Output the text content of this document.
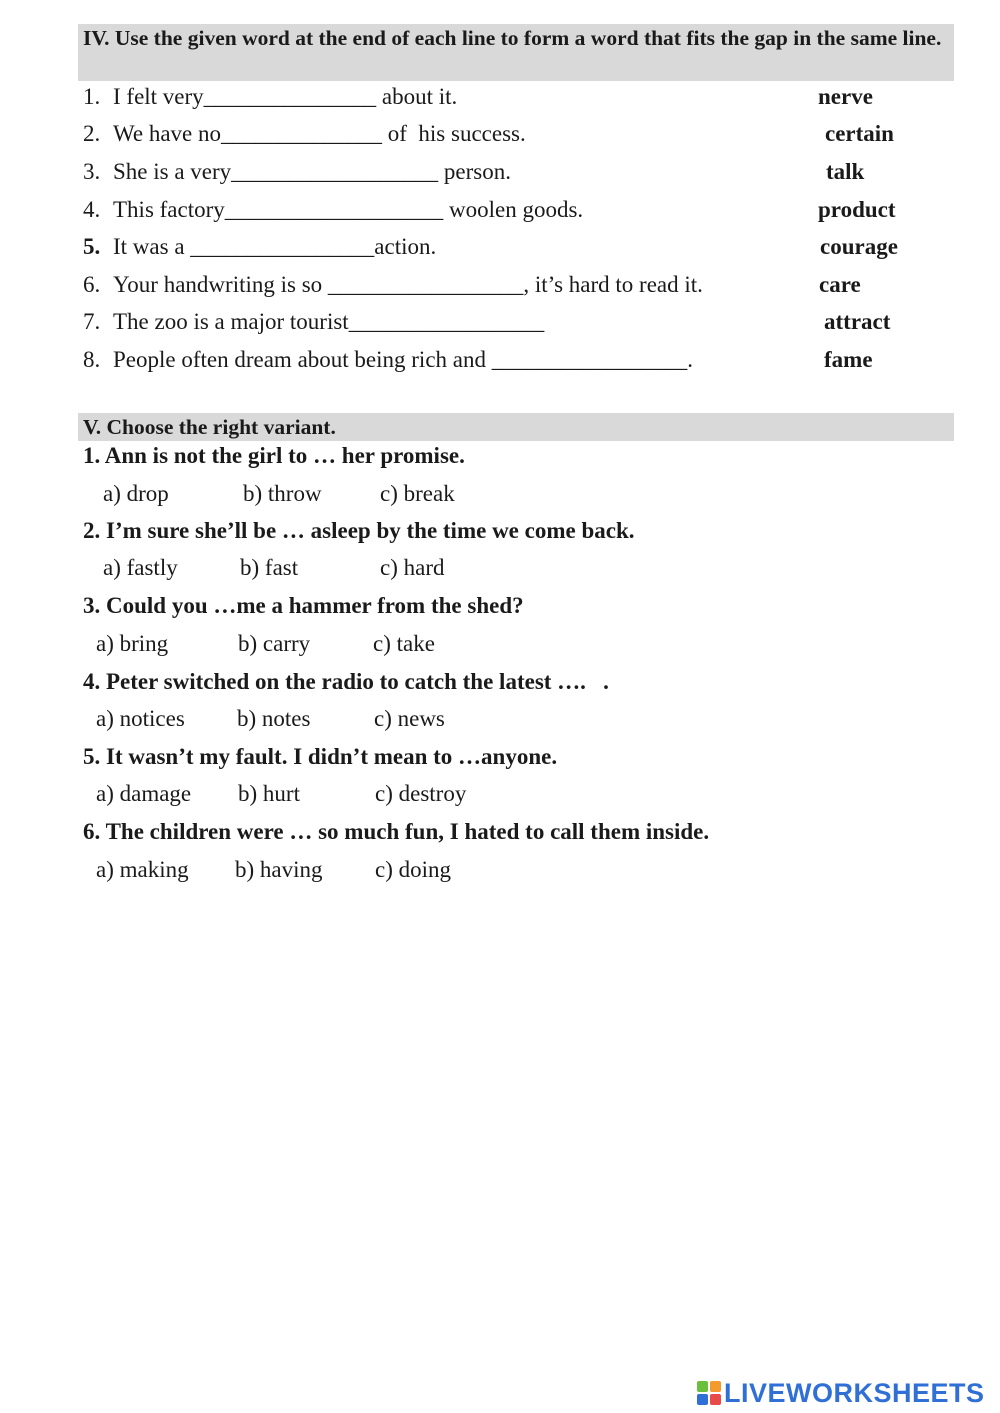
IV. Use the given word at the end of each line to form a word that fits the gap in the same line.
1. I felt very_______________ about it.	nerve
2. We have no______________ of  his success.	certain
3. She is a very__________________ person.	talk
4. This factory___________________ woolen goods.	product
5. It was a ________________action.	courage
6. Your handwriting is so _________________, it’s hard to read it.	care
7. The zoo is a major tourist_________________	attract
8. People often dream about being rich and _________________.	fame
V. Choose the right variant.
1. Ann is not the girl to … her promise.
a) drop	b) throw	c) break
2. I’m sure she’ll be … asleep by the time we come back.
a) fastly	b) fast	c) hard
3. Could you …me a hammer from the shed?
a) bring	b) carry	c) take
4. Peter switched on the radio to catch the latest ….   .
a) notices b) notes	c) news
5. It wasn’t my fault. I didn’t mean to …anyone.
a) damage b) hurt	c) destroy
6. The children were … so much fun, I hated to call them inside.
a) making b) having c) doing
LIVEWORKSHEETS
